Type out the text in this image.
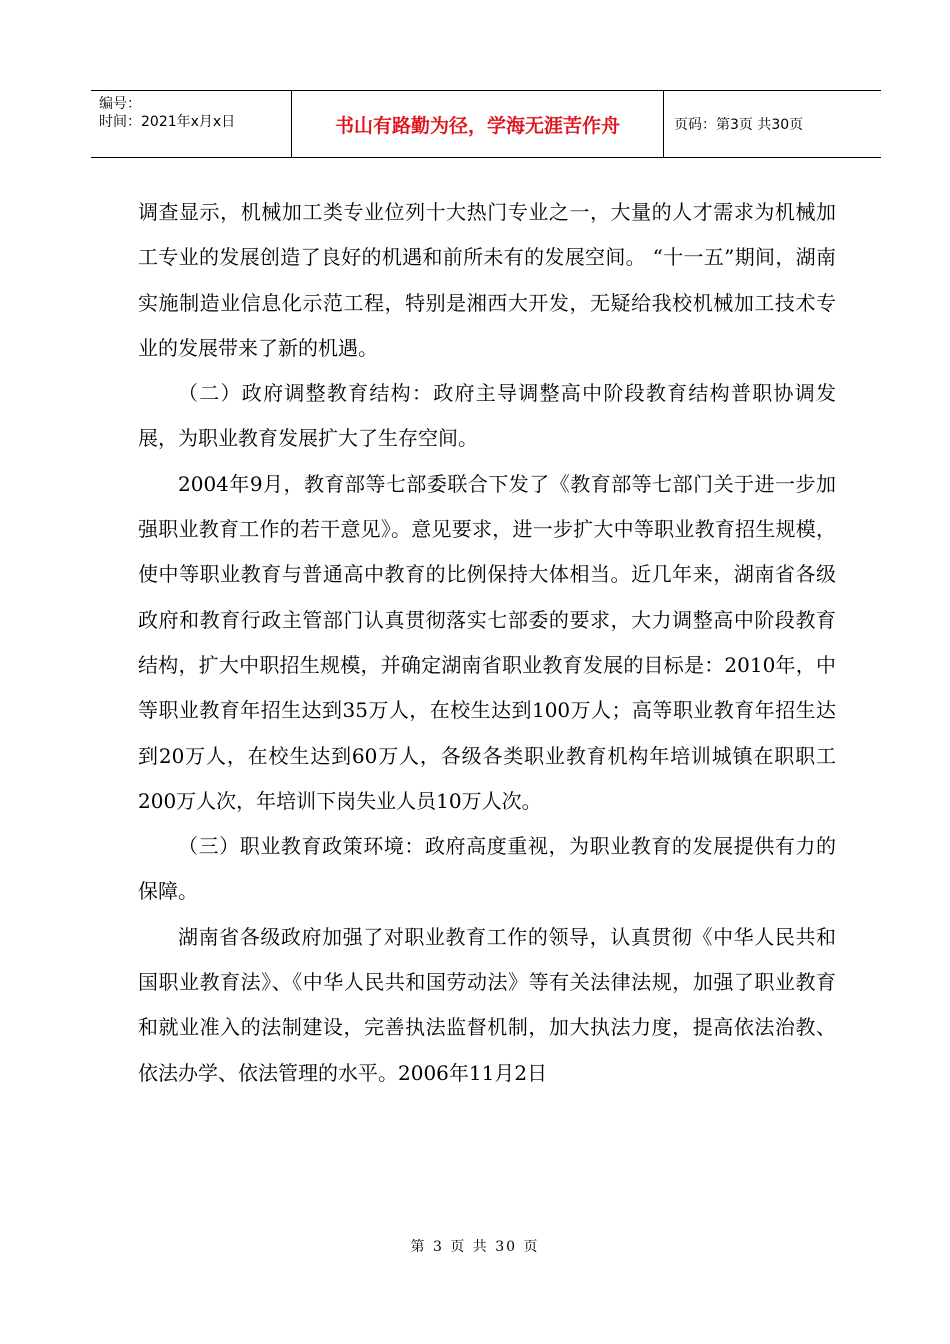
编号：
时间：2021年x月x日	书山有路勤为径，学海无涯苦作舟	页码：第3页 共30页

调查显示，机械加工类专业位列十大热门专业之一，大量的人才需求为机械加工专业的发展创造了良好的机遇和前所未有的发展空间。 “十一五”期间，湖南实施制造业信息化示范工程，特别是湘西大开发，无疑给我校机械加工技术专业的发展带来了新的机遇。

（二）政府调整教育结构：政府主导调整高中阶段教育结构普职协调发展，为职业教育发展扩大了生存空间。

2004年9月，教育部等七部委联合下发了《教育部等七部门关于进一步加强职业教育工作的若干意见》。意见要求，进一步扩大中等职业教育招生规模，使中等职业教育与普通高中教育的比例保持大体相当。近几年来，湖南省各级政府和教育行政主管部门认真贯彻落实七部委的要求，大力调整高中阶段教育结构，扩大中职招生规模，并确定湖南省职业教育发展的目标是：2010年，中等职业教育年招生达到35万人，在校生达到100万人；高等职业教育年招生达到20万人，在校生达到60万人，各级各类职业教育机构年培训城镇在职职工200万人次，年培训下岗失业人员10万人次。

（三）职业教育政策环境：政府高度重视，为职业教育的发展提供有力的保障。

湖南省各级政府加强了对职业教育工作的领导，认真贯彻《中华人民共和国职业教育法》、《中华人民共和国劳动法》等有关法律法规，加强了职业教育和就业准入的法制建设，完善执法监督机制，加大执法力度，提高依法治教、依法办学、依法管理的水平。2006年11月2日

第 3 页 共 30 页
